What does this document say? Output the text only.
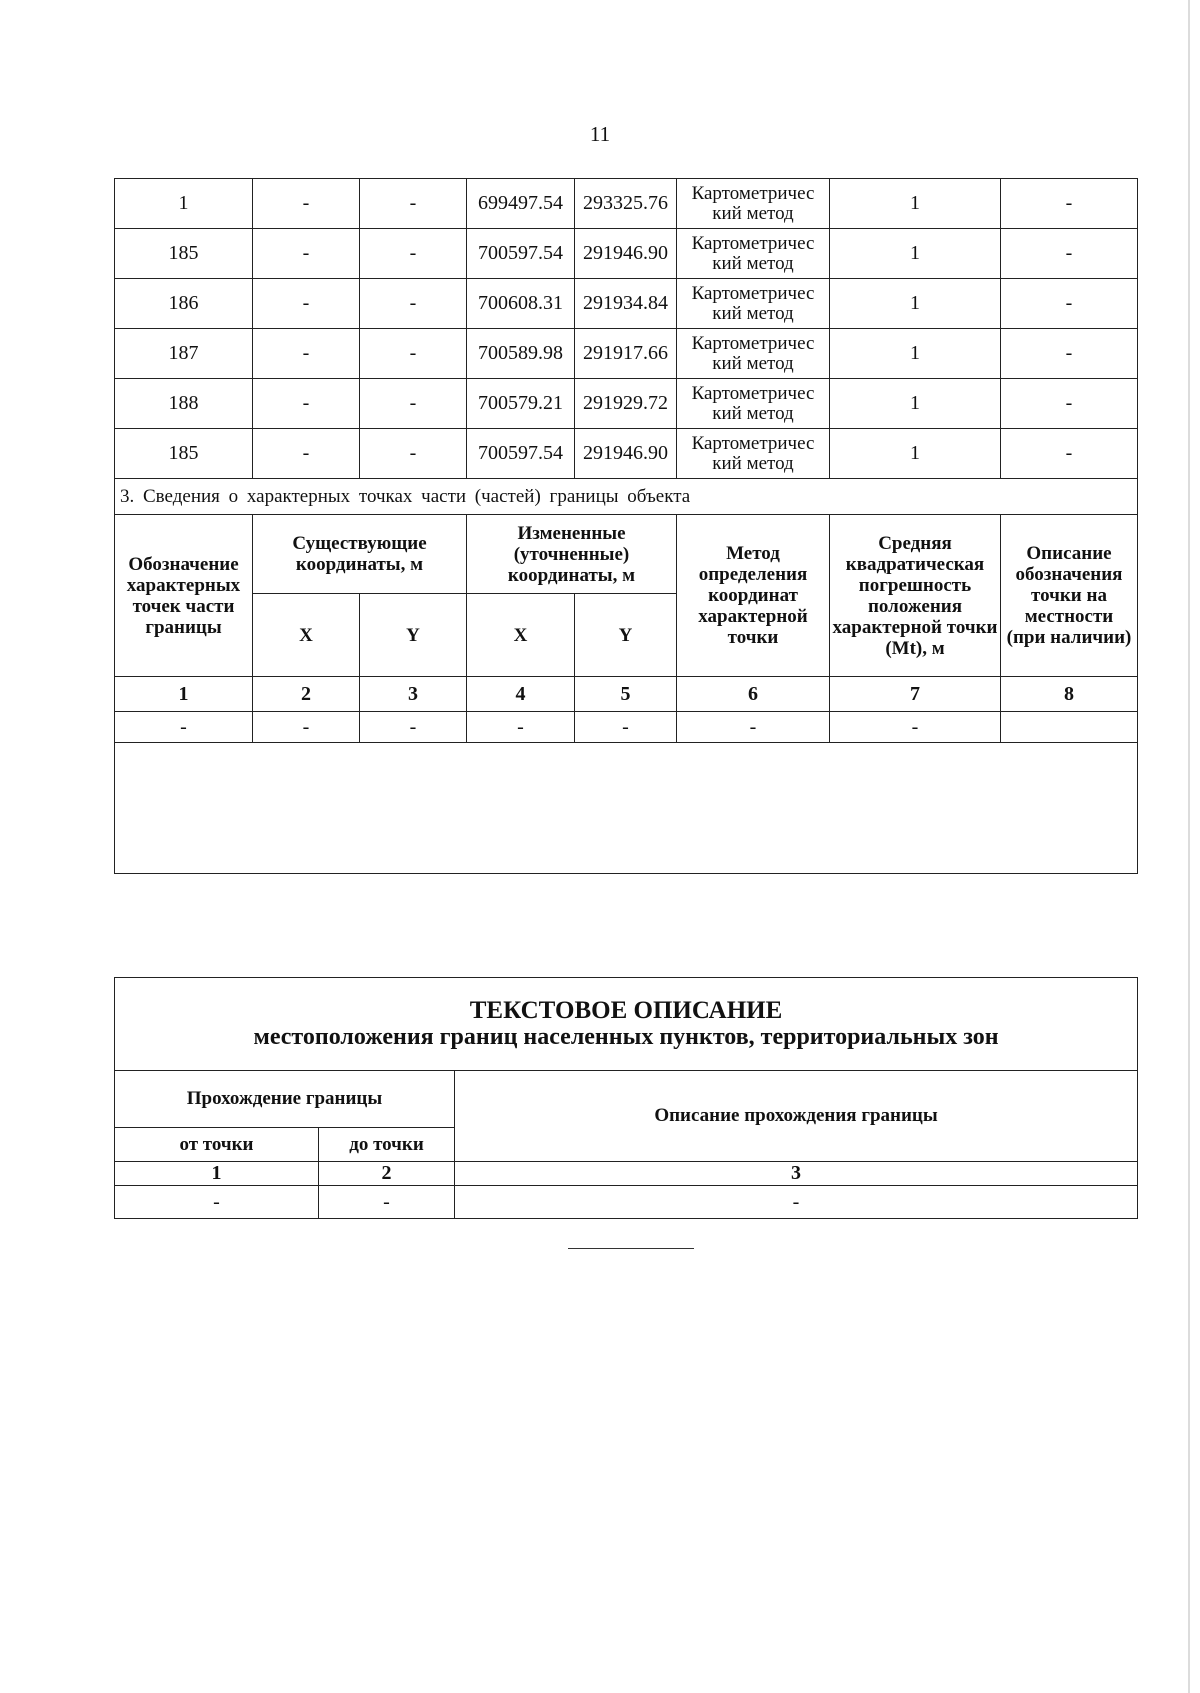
11
1	-	-	699497.54	293325.76	Картометричес кий метод	1	-
185	-	-	700597.54	291946.90	Картометричес кий метод	1	-
186	-	-	700608.31	291934.84	Картометричес кий метод	1	-
187	-	-	700589.98	291917.66	Картометричес кий метод	1	-
188	-	-	700579.21	291929.72	Картометричес кий метод	1	-
185	-	-	700597.54	291946.90	Картометричес кий метод	1	-
3. Сведения о характерных точках части (частей) границы объекта							
Обозначение характерных точек части границы	Существующие координаты, м		Измененные (уточненные) координаты, м		Метод определения координат характерной точки	Средняя квадратическая погрешность положения характерной точки (Mt), м	Описание обозначения точки на местности (при наличии)
	X	Y	X	Y			
1	2	3	4	5	6	7	8
-	-	-	-	-	-	-	

ТЕКСТОВОЕ ОПИСАНИЕ
местоположения границ населенных пунктов, территориальных зон		

Прохождение границы		Описание прохождения границы
от точки	до точки	
1	2	3
-	-	-
